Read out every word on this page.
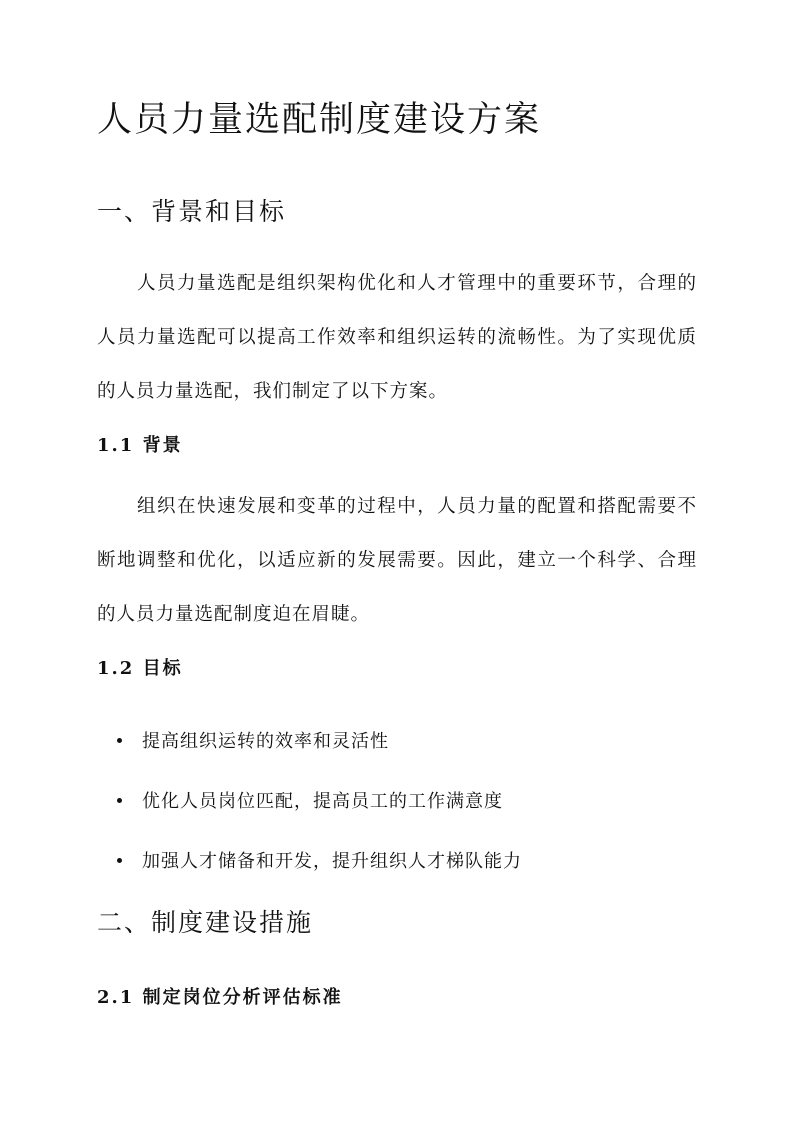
人员力量选配制度建设方案
一、背景和目标

人员力量选配是组织架构优化和人才管理中的重要环节，合理的人员力量选配可以提高工作效率和组织运转的流畅性。为了实现优质的人员力量选配，我们制定了以下方案。

1.1 背景

组织在快速发展和变革的过程中，人员力量的配置和搭配需要不断地调整和优化，以适应新的发展需要。因此，建立一个科学、合理的人员力量选配制度迫在眉睫。

1.2 目标
提高组织运转的效率和灵活性
优化人员岗位匹配，提高员工的工作满意度
加强人才储备和开发，提升组织人才梯队能力
二、制度建设措施
2.1 制定岗位分析评估标准
